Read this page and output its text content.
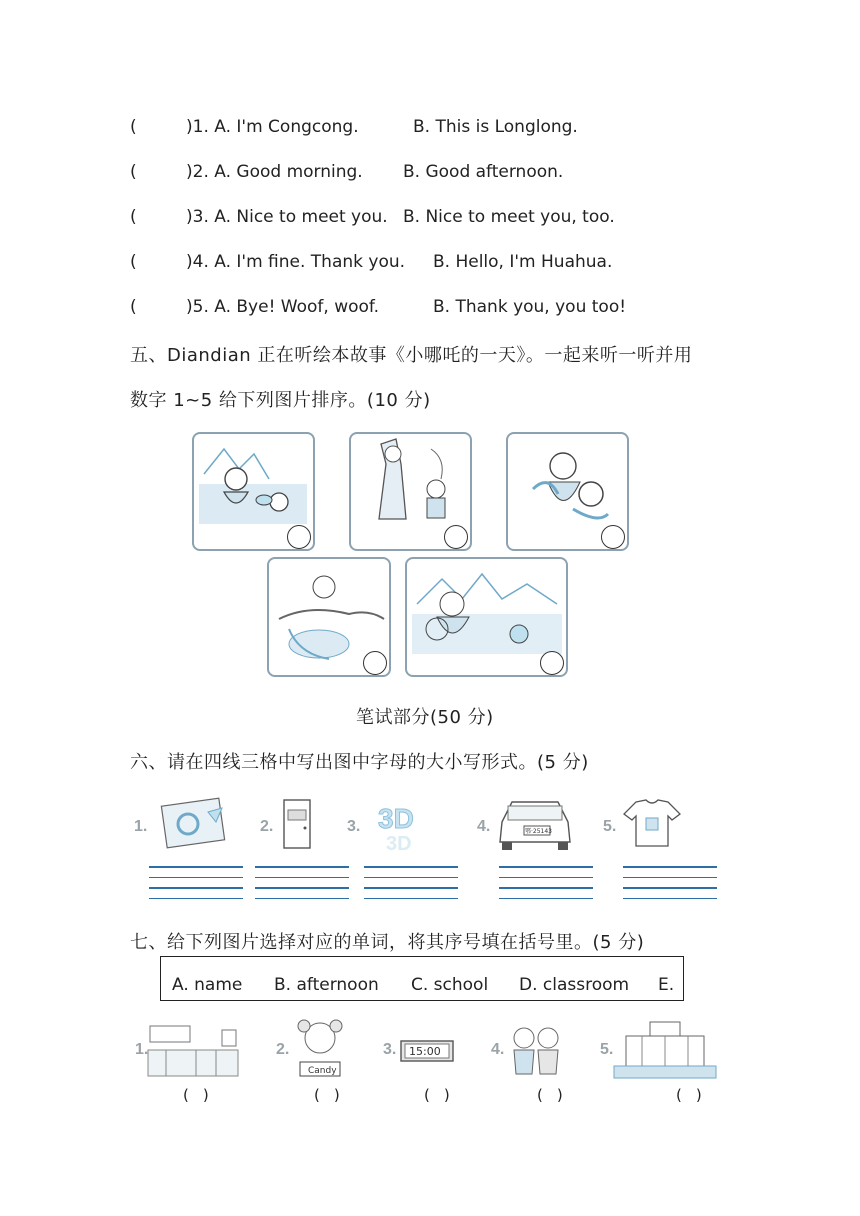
(	)1. A. I'm Congcong.	B. This is Longlong.
(	)2. A. Good morning. B. Good afternoon.
(	)3. A. Nice to meet you. B. Nice to meet you, too.
(	)4. A. I'm fine. Thank you. B. Hello, I'm Huahua.
(	)5. A. Bye! Woof, woof.	B. Thank you, you too!
五、Diandian 正在听绘本故事《小哪吒的一天》。一起来听一听并用
数字 1~5 给下列图片排序。(10 分)
笔试部分(50 分)
六、请在四线三格中写出图中字母的大小写形式。(5 分)
1.	2.	3. 3D
3D
4.	鄂·25143	5.
七、给下列图片选择对应的单词，将其序号填在括号里。(5 分)
A. name B. afternoon C. school D. classroom E.
1.	2.
Candy
3. 15:00	4.	5.
()	()	()	()	()
